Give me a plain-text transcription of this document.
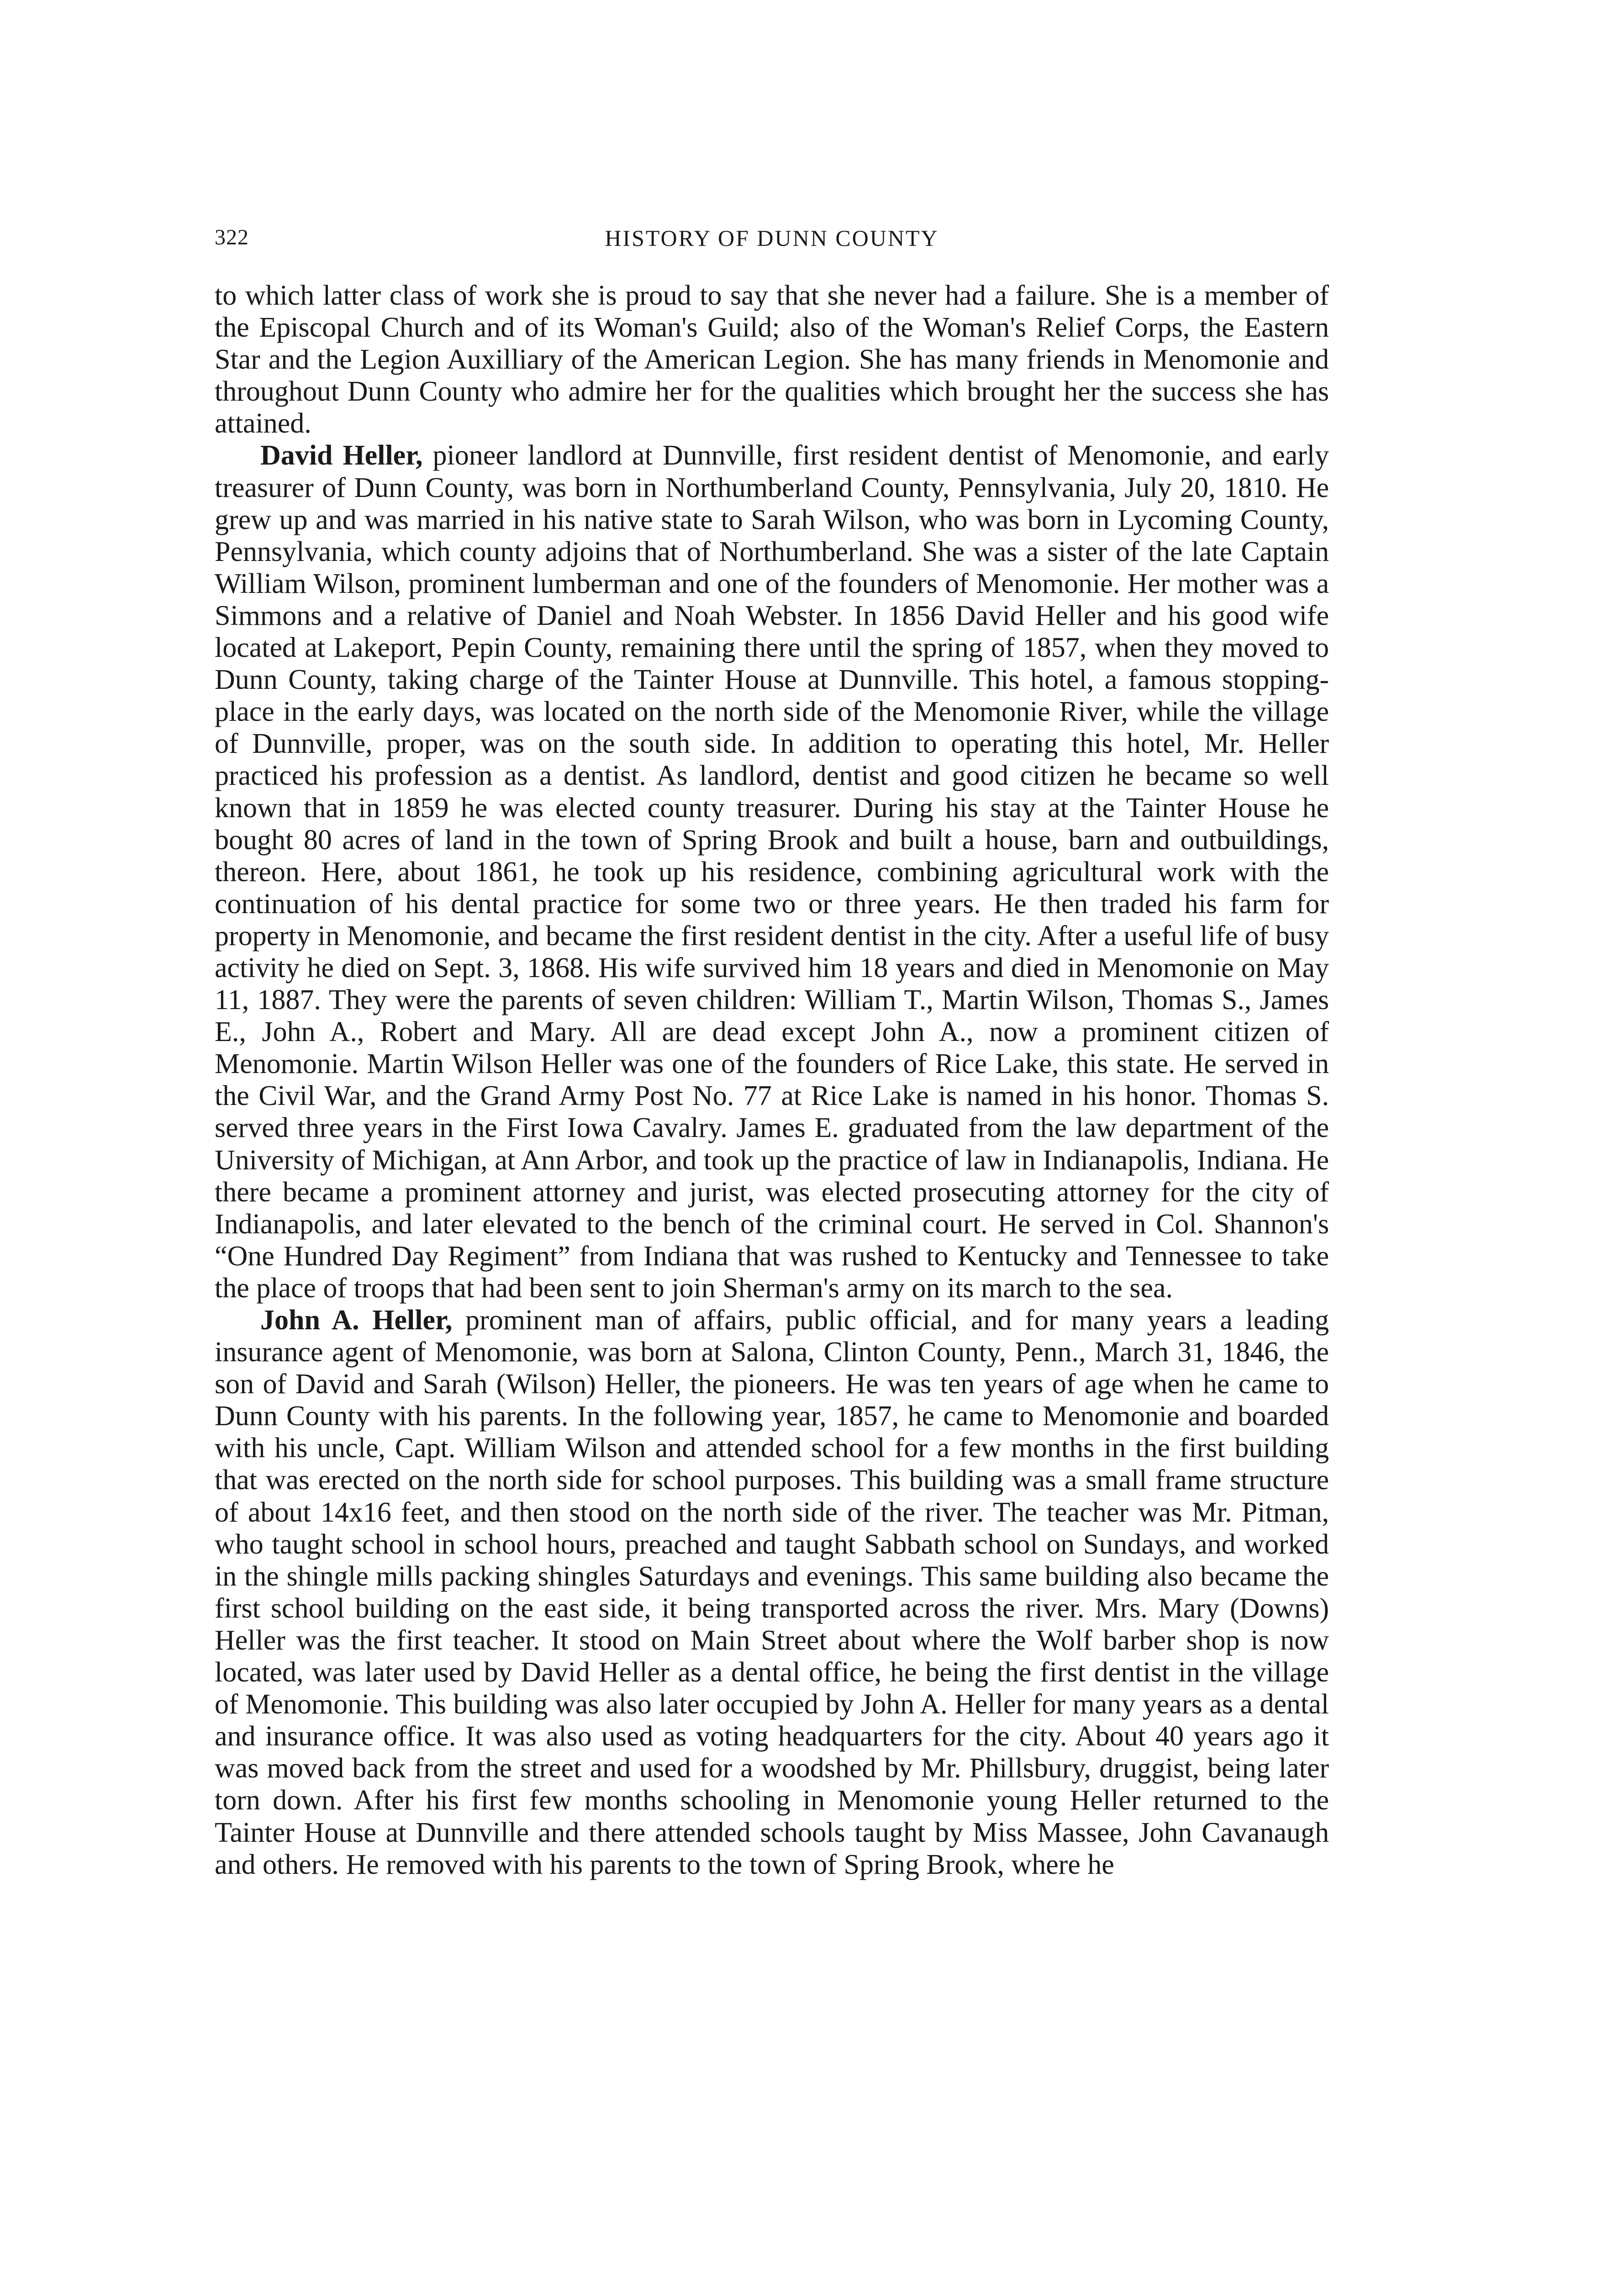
322	HISTORY OF DUNN COUNTY

to which latter class of work she is proud to say that she never had a failure. She is a member of the Episcopal Church and of its Woman's Guild; also of the Woman's Relief Corps, the Eastern Star and the Legion Auxilliary of the American Legion. She has many friends in Menomonie and throughout Dunn County who admire her for the qualities which brought her the success she has attained.

David Heller, pioneer landlord at Dunnville, first resident dentist of Menomonie, and early treasurer of Dunn County, was born in Northumberland County, Pennsylvania, July 20, 1810. He grew up and was married in his native state to Sarah Wilson, who was born in Lycoming County, Pennsylvania, which county adjoins that of Northumberland. She was a sister of the late Captain William Wilson, prominent lumberman and one of the founders of Menomonie. Her mother was a Simmons and a relative of Daniel and Noah Webster. In 1856 David Heller and his good wife located at Lakeport, Pepin County, remaining there until the spring of 1857, when they moved to Dunn County, taking charge of the Tainter House at Dunnville. This hotel, a famous stopping-place in the early days, was located on the north side of the Menomonie River, while the village of Dunnville, proper, was on the south side. In addition to operating this hotel, Mr. Heller practiced his profession as a dentist. As landlord, dentist and good citizen he became so well known that in 1859 he was elected county treasurer. During his stay at the Tainter House he bought 80 acres of land in the town of Spring Brook and built a house, barn and outbuildings, thereon. Here, about 1861, he took up his residence, combining agricultural work with the continuation of his dental practice for some two or three years. He then traded his farm for property in Menomonie, and became the first resident dentist in the city. After a useful life of busy activity he died on Sept. 3, 1868. His wife survived him 18 years and died in Menomonie on May 11, 1887. They were the parents of seven children: William T., Martin Wilson, Thomas S., James E., John A., Robert and Mary. All are dead except John A., now a prominent citizen of Menomonie. Martin Wilson Heller was one of the founders of Rice Lake, this state. He served in the Civil War, and the Grand Army Post No. 77 at Rice Lake is named in his honor. Thomas S. served three years in the First Iowa Cavalry. James E. graduated from the law department of the University of Michigan, at Ann Arbor, and took up the practice of law in Indianapolis, Indiana. He there became a prominent attorney and jurist, was elected prosecuting attorney for the city of Indianapolis, and later elevated to the bench of the criminal court. He served in Col. Shannon's “One Hundred Day Regiment” from Indiana that was rushed to Kentucky and Tennessee to take the place of troops that had been sent to join Sherman's army on its march to the sea.

John A. Heller, prominent man of affairs, public official, and for many years a leading insurance agent of Menomonie, was born at Salona, Clinton County, Penn., March 31, 1846, the son of David and Sarah (Wilson) Heller, the pioneers. He was ten years of age when he came to Dunn County with his parents. In the following year, 1857, he came to Menomonie and boarded with his uncle, Capt. William Wilson and attended school for a few months in the first building that was erected on the north side for school purposes. This building was a small frame structure of about 14x16 feet, and then stood on the north side of the river. The teacher was Mr. Pitman, who taught school in school hours, preached and taught Sabbath school on Sundays, and worked in the shingle mills packing shingles Saturdays and evenings. This same building also became the first school building on the east side, it being transported across the river. Mrs. Mary (Downs) Heller was the first teacher. It stood on Main Street about where the Wolf barber shop is now located, was later used by David Heller as a dental office, he being the first dentist in the village of Menomonie. This building was also later occupied by John A. Heller for many years as a dental and insurance office. It was also used as voting headquarters for the city. About 40 years ago it was moved back from the street and used for a woodshed by Mr. Phillsbury, druggist, being later torn down. After his first few months schooling in Menomonie young Heller returned to the Tainter House at Dunnville and there attended schools taught by Miss Massee, John Cavanaugh and others. He removed with his parents to the town of Spring Brook, where he
